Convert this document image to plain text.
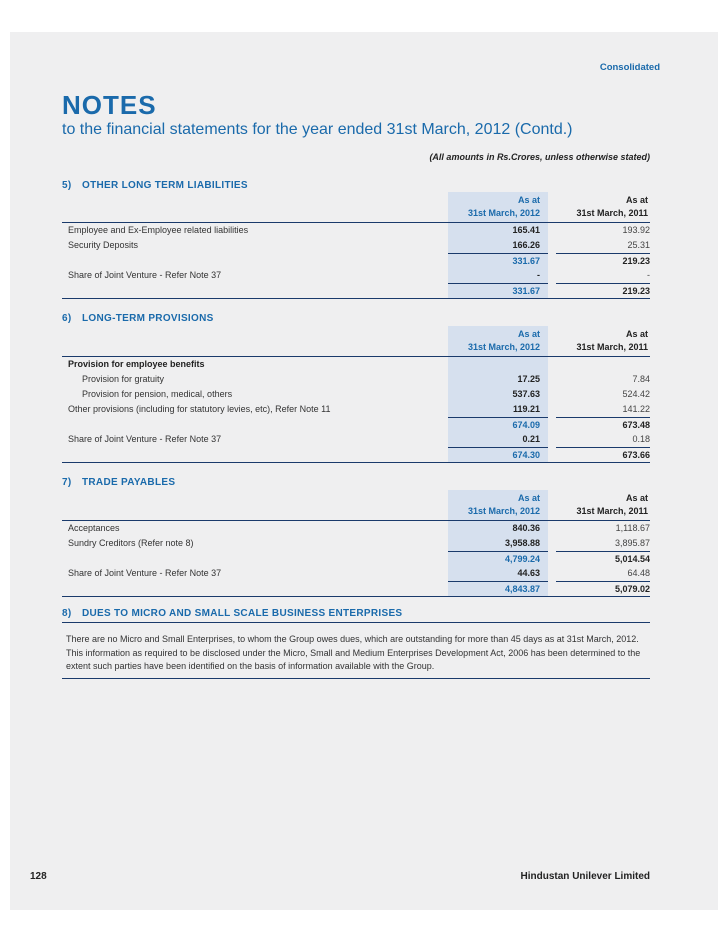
Consolidated
NOTES
to the financial statements for the year ended 31st March, 2012 (Contd.)
(All amounts in Rs.Crores, unless otherwise stated)
5) OTHER LONG TERM LIABILITIES
As at
31st March, 2012
As at
31st March, 2011
Employee and Ex-Employee related liabilities	165.41	193.92
Security Deposits	166.26	25.31
331.67	219.23
Share of Joint Venture - Refer Note 37	-	-
331.67	219.23
6) LONG-TERM PROVISIONS
As at
31st March, 2012
As at
31st March, 2011
Provision for employee benefits
Provision for gratuity	17.25	7.84
Provision for pension, medical, others	537.63	524.42
Other provisions (including for statutory levies, etc), Refer Note 11	119.21	141.22
674.09	673.48
Share of Joint Venture - Refer Note 37	0.21	0.18
674.30	673.66
7) TRADE PAYABLES
As at
31st March, 2012
As at
31st March, 2011
Acceptances	840.36	1,118.67
Sundry Creditors (Refer note 8)	3,958.88	3,895.87
4,799.24	5,014.54
Share of Joint Venture - Refer Note 37	44.63	64.48
4,843.87	5,079.02
8) DUES TO MICRO AND SMALL SCALE BUSINESS ENTERPRISES
There are no Micro and Small Enterprises, to whom the Group owes dues, which are outstanding for more than 45 days as at 31st March, 2012. This information as required to be disclosed under the Micro, Small and Medium Enterprises Development Act, 2006 has been determined to the extent such parties have been identified on the basis of information available with the Group.
128	Hindustan Unilever Limited
